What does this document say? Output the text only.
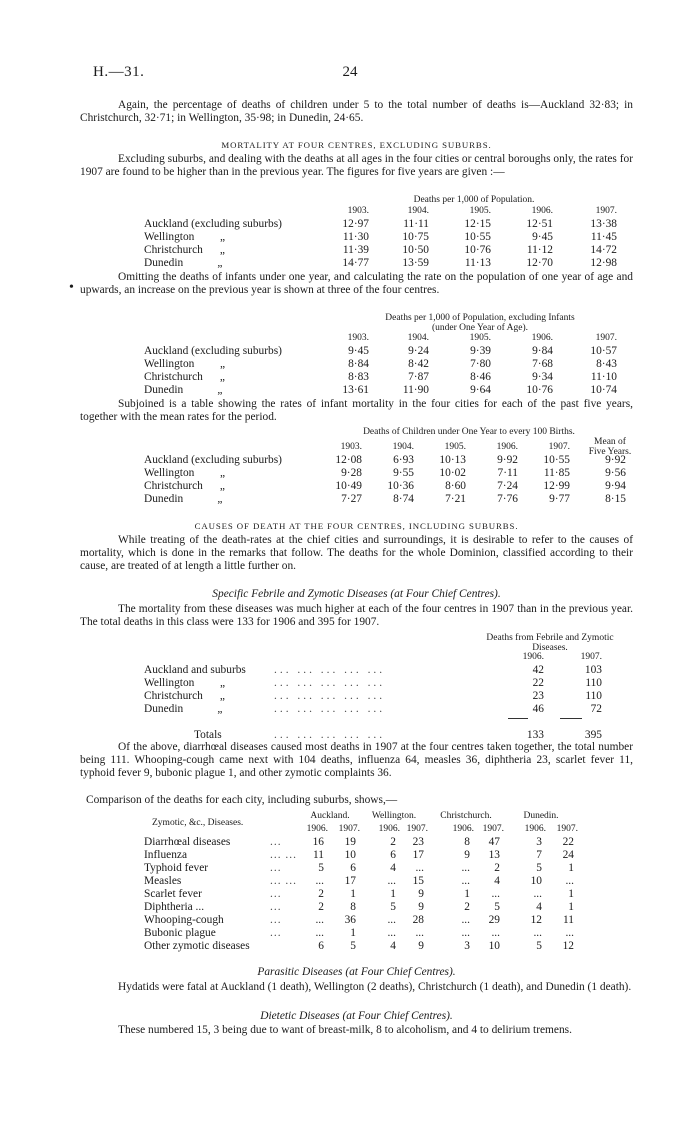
H.—31.	24
Again, the percentage of deaths of children under 5 to the total number of deaths is—Auckland 32·83; in Christchurch, 32·71; in Wellington, 35·98; in Dunedin, 24·65.
MORTALITY AT FOUR CENTRES, EXCLUDING SUBURBS.
Excluding suburbs, and dealing with the deaths at all ages in the four cities or central boroughs only, the rates for 1907 are found to be higher than in the previous year. The figures for five years are given :—
Deaths per 1,000 of Population.
	1903.	1904.	1905.	1906.	1907.
Auckland (excluding suburbs)	12·97	11·11	12·15	12·51	13·38
Wellington         „	11·30	10·75	10·55	9·45	11·45
Christchurch      „	11·39	10·50	10·76	11·12	14·72
Dunedin            „	14·77	13·59	11·13	12·70	12·98
•
Omitting the deaths of infants under one year, and calculating the rate on the population of one year of age and upwards, an increase on the previous year is shown at three of the four centres.
Deaths per 1,000 of Population, excluding Infants
(under One Year of Age).
	1903.	1904.	1905.	1906.	1907.
Auckland (excluding suburbs)	9·45	9·24	9·39	9·84	10·57
Wellington         „	8·84	8·42	7·80	7·68	8·43
Christchurch      „	8·83	7·87	8·46	9·34	11·10
Dunedin            „	13·61	11·90	9·64	10·76	10·74
Subjoined is a table showing the rates of infant mortality in the four cities for each of the past five years, together with the mean rates for the period.
Deaths of Children under One Year to every 100 Births.
Mean of
Five Years.
	1903.	1904.	1905.	1906.	1907.	
Auckland (excluding suburbs)	12·08	6·93	10·13	9·92	10·55	9·92
Wellington         „	9·28	9·55	10·02	7·11	11·85	9·56
Christchurch      „	10·49	10·36	8·60	7·24	12·99	9·94
Dunedin            „	7·27	8·74	7·21	7·76	9·77	8·15
CAUSES OF DEATH AT THE FOUR CENTRES, INCLUDING SUBURBS.
While treating of the death-rates at the chief cities and surroundings, it is desirable to refer to the causes of mortality, which is done in the remarks that follow. The deaths for the whole Dominion, classified according to their cause, are treated of at length a little further on.
Specific Febrile and Zymotic Diseases (at Four Chief Centres).
The mortality from these diseases was much higher at each of the four centres in 1907 than in the previous year. The total deaths in this class were 133 for 1906 and 395 for 1907.
Deaths from Febrile and Zymotic
Diseases.
		1906.	1907.
Auckland and suburbs	... ... ... ... ...	42	103
Wellington         „	... ... ... ... ...	22	110
Christchurch      „	... ... ... ... ...	23	110
Dunedin            „	... ... ... ... ...	46	72

Totals	... ... ... ... ...	133	395
Of the above, diarrhœal diseases caused most deaths in 1907 at the four centres taken together, the total number being 111. Whooping-cough came next with 104 deaths, influenza 64, measles 36, diphtheria 23, scarlet fever 11, typhoid fever 9, bubonic plague 1, and other zymotic complaints 36.
Comparison of the deaths for each city, including suburbs, shows,—
Zymotic, &c., Diseases.		Auckland.		Wellington.		Christchurch.		Dunedin.	
		1906.	1907.	1906.	1907.	1906.	1907.	1906.	1907.
Diarrhœal diseases	...	16	19	2	23	8	47	3	22
Influenza	... ...	11	10	6	17	9	13	7	24
Typhoid fever	...	5	6	4	...	...	2	5	1
Measles	... ...	...	17	...	15	...	4	10	...
Scarlet fever	...	2	1	1	9	1	...	...	1
Diphtheria ...	...	2	8	5	9	2	5	4	1
Whooping-cough	...	...	36	...	28	...	29	12	11
Bubonic plague	...	...	1	...	...	...	...	...	...
Other zymotic diseases		6	5	4	9	3	10	5	12
Parasitic Diseases (at Four Chief Centres).
Hydatids were fatal at Auckland (1 death), Wellington (2 deaths), Christchurch (1 death), and Dunedin (1 death).
Dietetic Diseases (at Four Chief Centres).
These numbered 15, 3 being due to want of breast-milk, 8 to alcoholism, and 4 to delirium tremens.
